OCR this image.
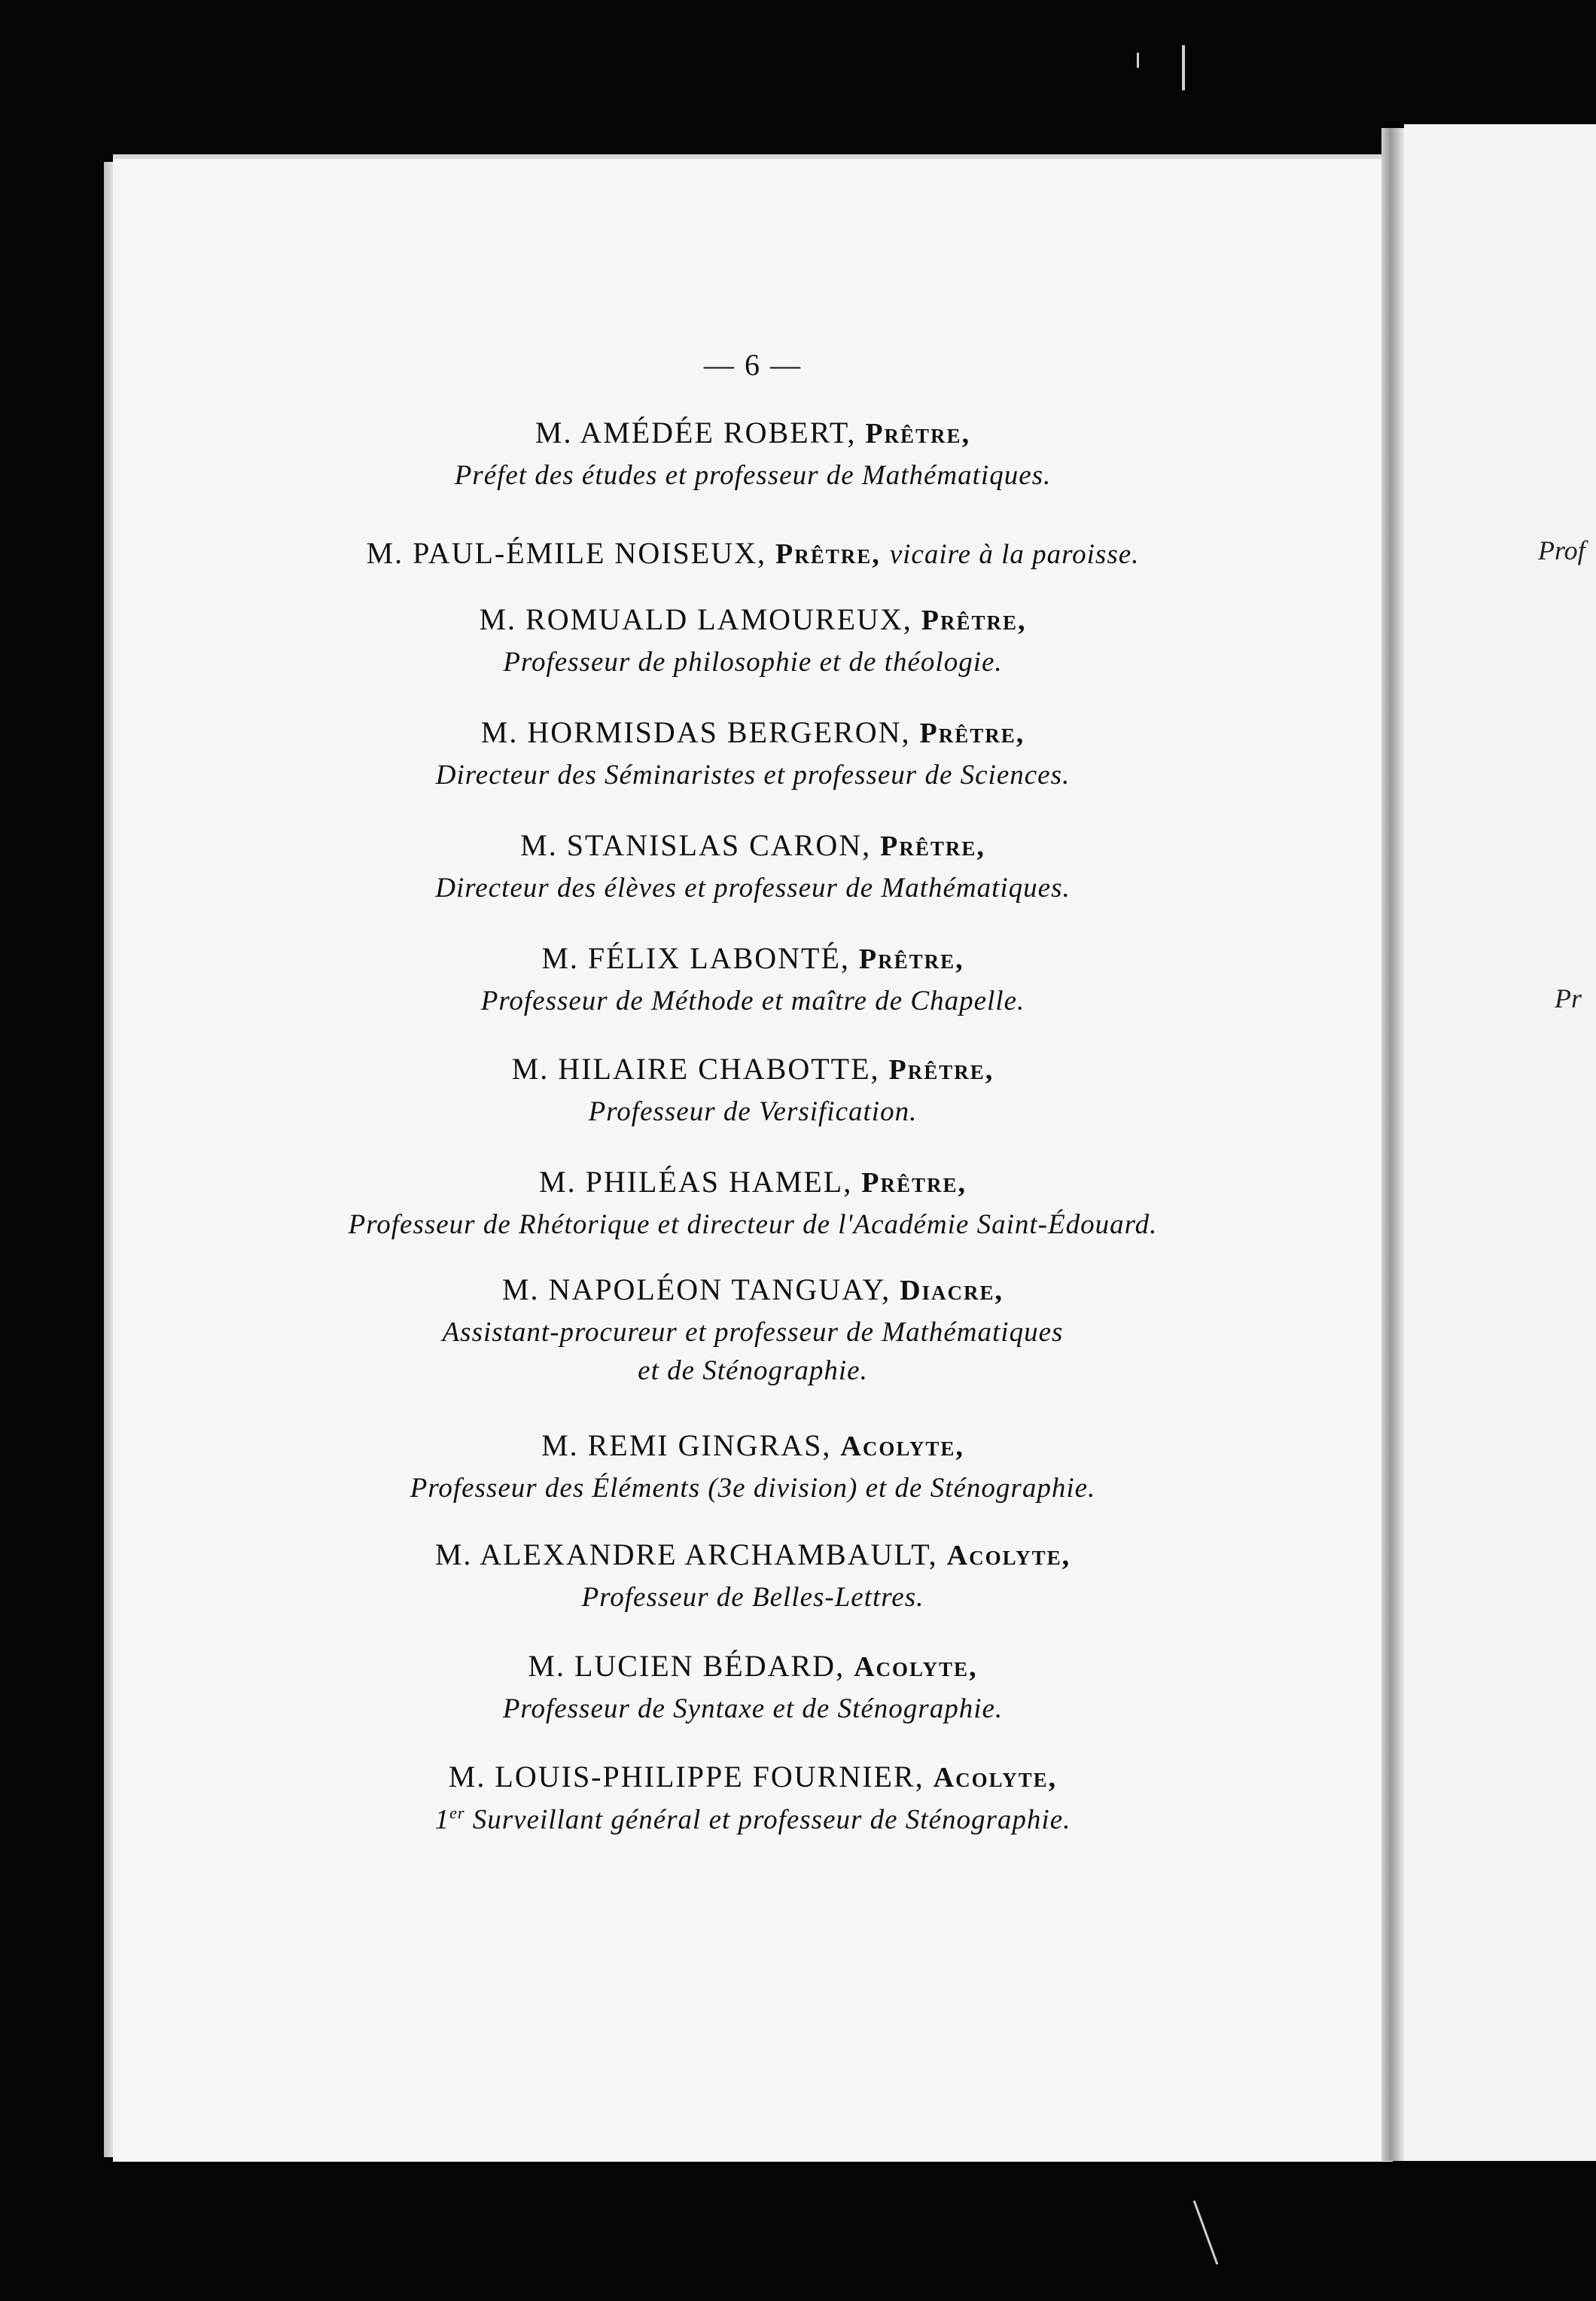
— 6 —
M. AMÉDÉE ROBERT, Prêtre,
Préfet des études et professeur de Mathématiques.
M. PAUL-ÉMILE NOISEUX, Prêtre, vicaire à la paroisse.
M. ROMUALD LAMOUREUX, Prêtre,
Professeur de philosophie et de théologie.
M. HORMISDAS BERGERON, Prêtre,
Directeur des Séminaristes et professeur de Sciences.
M. STANISLAS CARON, Prêtre,
Directeur des élèves et professeur de Mathématiques.
M. FÉLIX LABONTÉ, Prêtre,
Professeur de Méthode et maître de Chapelle.
M. HILAIRE CHABOTTE, Prêtre,
Professeur de Versification.
M. PHILÉAS HAMEL, Prêtre,
Professeur de Rhétorique et directeur de l'Académie Saint-Édouard.
M. NAPOLÉON TANGUAY, Diacre,
Assistant-procureur et professeur de Mathématiques
et de Sténographie.
M. REMI GINGRAS, Acolyte,
Professeur des Éléments (3e division) et de Sténographie.
M. ALEXANDRE ARCHAMBAULT, Acolyte,
Professeur de Belles-Lettres.
M. LUCIEN BÉDARD, Acolyte,
Professeur de Syntaxe et de Sténographie.
M. LOUIS-PHILIPPE FOURNIER, Acolyte,
1er Surveillant général et professeur de Sténographie.
Prof
Pr
